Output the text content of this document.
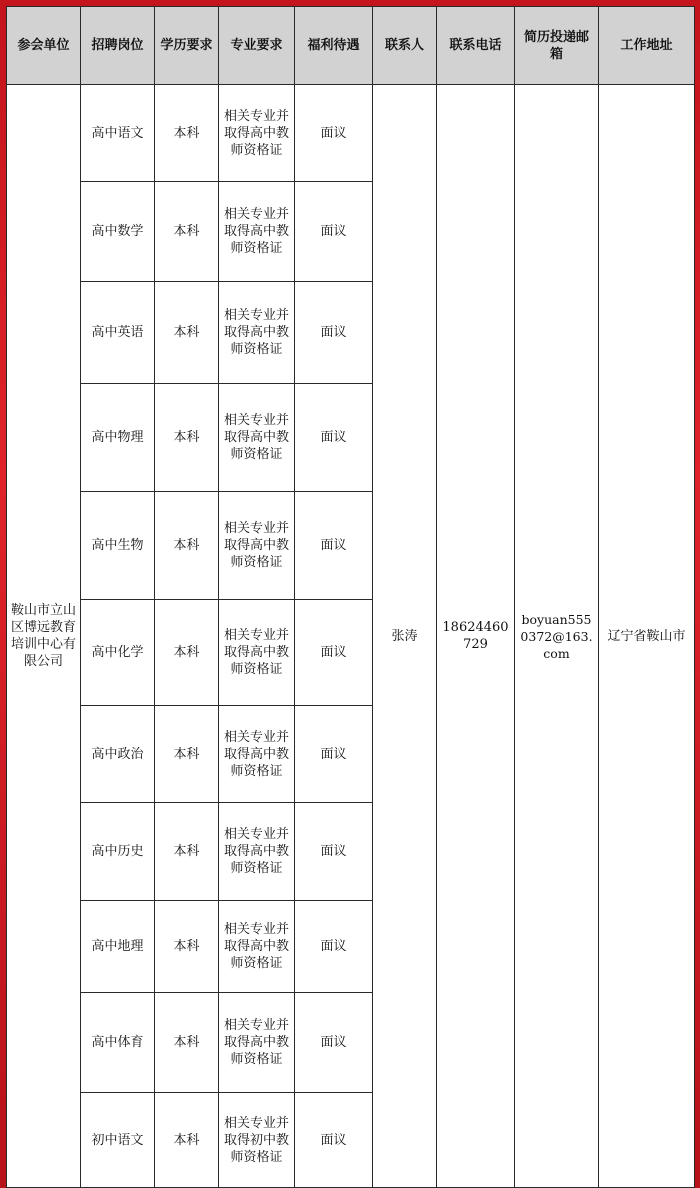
参会单位	招聘岗位	学历要求	专业要求	福利待遇	联系人	联系电话	简历投递邮箱	工作地址
鞍山市立山区博远教育培训中心有限公司	高中语文	本科	相关专业并取得高中教师资格证	面议	张涛	18624460729	boyuan5550372@163.com	辽宁省鞍山市
	高中数学	本科	相关专业并取得高中教师资格证	面议				
	高中英语	本科	相关专业并取得高中教师资格证	面议				
	高中物理	本科	相关专业并取得高中教师资格证	面议				
	高中生物	本科	相关专业并取得高中教师资格证	面议				
	高中化学	本科	相关专业并取得高中教师资格证	面议				
	高中政治	本科	相关专业并取得高中教师资格证	面议				
	高中历史	本科	相关专业并取得高中教师资格证	面议				
	高中地理	本科	相关专业并取得高中教师资格证	面议				
	高中体育	本科	相关专业并取得高中教师资格证	面议				
	初中语文	本科	相关专业并取得初中教师资格证	面议				
